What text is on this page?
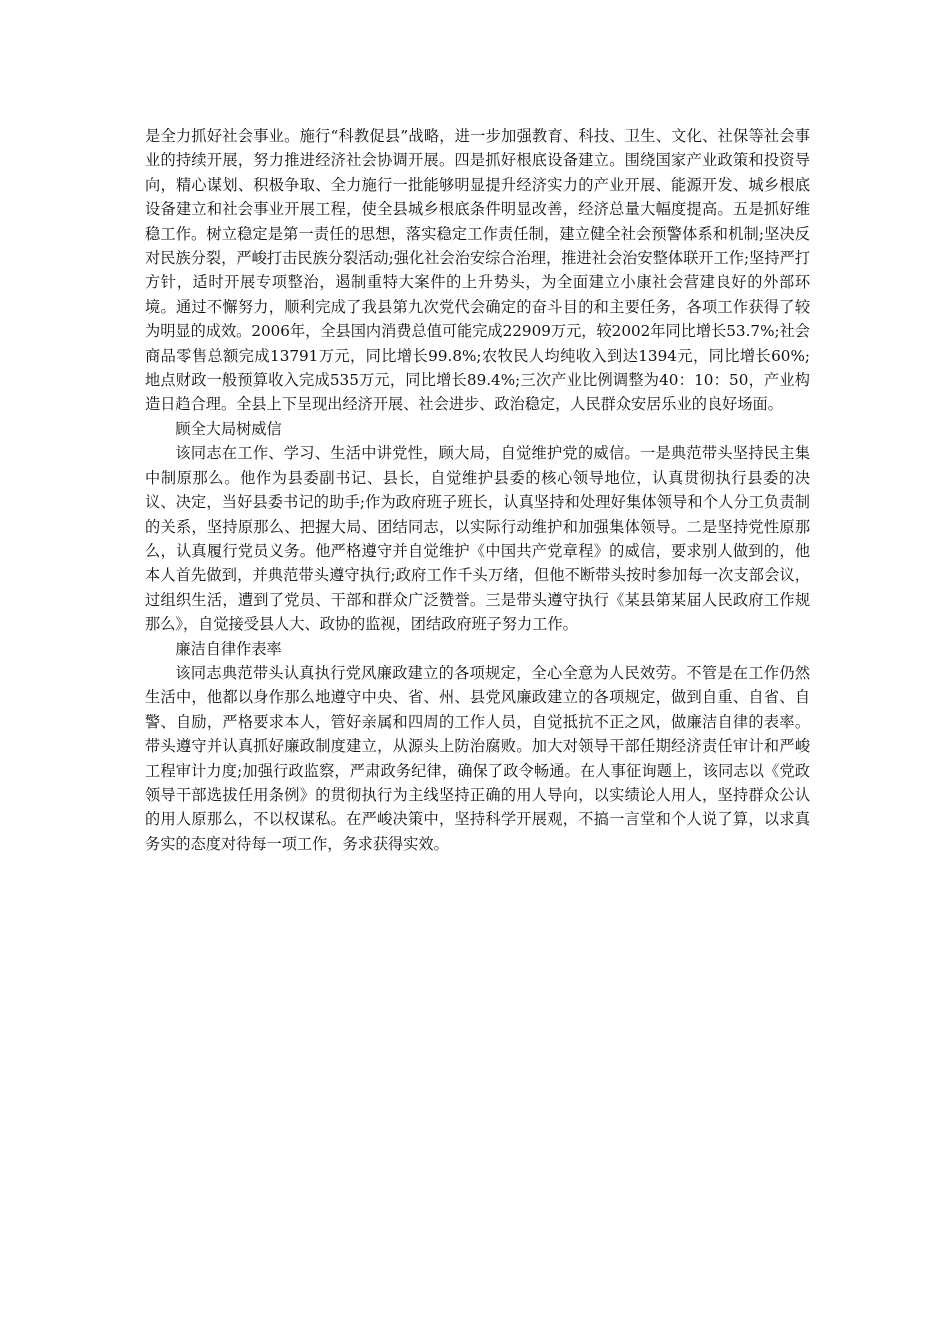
是全力抓好社会事业。施行“科教促县”战略，进一步加强教育、科技、卫生、文化、社保等社会事业的持续开展，努力推进经济社会协调开展。四是抓好根底设备建立。围绕国家产业政策和投资导向，精心谋划、积极争取、全力施行一批能够明显提升经济实力的产业开展、能源开发、城乡根底设备建立和社会事业开展工程，使全县城乡根底条件明显改善，经济总量大幅度提高。五是抓好维稳工作。树立稳定是第一责任的思想，落实稳定工作责任制，建立健全社会预警体系和机制;坚决反对民族分裂，严峻打击民族分裂活动;强化社会治安综合治理，推进社会治安整体联开工作;坚持严打方针，适时开展专项整治，遏制重特大案件的上升势头，为全面建立小康社会营建良好的外部环境。通过不懈努力，顺利完成了我县第九次党代会确定的奋斗目的和主要任务，各项工作获得了较为明显的成效。2006年，全县国内消费总值可能完成22909万元，较2002年同比增长53.7%;社会商品零售总额完成13791万元，同比增长99.8%;农牧民人均纯收入到达1394元，同比增长60%;地点财政一般预算收入完成535万元，同比增长89.4%;三次产业比例调整为40：10：50，产业构造日趋合理。全县上下呈现出经济开展、社会进步、政治稳定，人民群众安居乐业的良好场面。

顾全大局树威信

该同志在工作、学习、生活中讲党性，顾大局，自觉维护党的威信。一是典范带头坚持民主集中制原那么。他作为县委副书记、县长，自觉维护县委的核心领导地位，认真贯彻执行县委的决议、决定，当好县委书记的助手;作为政府班子班长，认真坚持和处理好集体领导和个人分工负责制的关系，坚持原那么、把握大局、团结同志，以实际行动维护和加强集体领导。二是坚持党性原那么，认真履行党员义务。他严格遵守并自觉维护《中国共产党章程》的威信，要求别人做到的，他本人首先做到，并典范带头遵守执行;政府工作千头万绪，但他不断带头按时参加每一次支部会议，过组织生活，遭到了党员、干部和群众广泛赞誉。三是带头遵守执行《某县第某届人民政府工作规那么》，自觉接受县人大、政协的监视，团结政府班子努力工作。

廉洁自律作表率

该同志典范带头认真执行党风廉政建立的各项规定，全心全意为人民效劳。不管是在工作仍然生活中，他都以身作那么地遵守中央、省、州、县党风廉政建立的各项规定，做到自重、自省、自警、自励，严格要求本人，管好亲属和四周的工作人员，自觉抵抗不正之风，做廉洁自律的表率。带头遵守并认真抓好廉政制度建立，从源头上防治腐败。加大对领导干部任期经济责任审计和严峻工程审计力度;加强行政监察，严肃政务纪律，确保了政令畅通。在人事征询题上，该同志以《党政领导干部选拔任用条例》的贯彻执行为主线坚持正确的用人导向，以实绩论人用人，坚持群众公认的用人原那么，不以权谋私。在严峻决策中，坚持科学开展观，不搞一言堂和个人说了算，以求真务实的态度对待每一项工作，务求获得实效。
